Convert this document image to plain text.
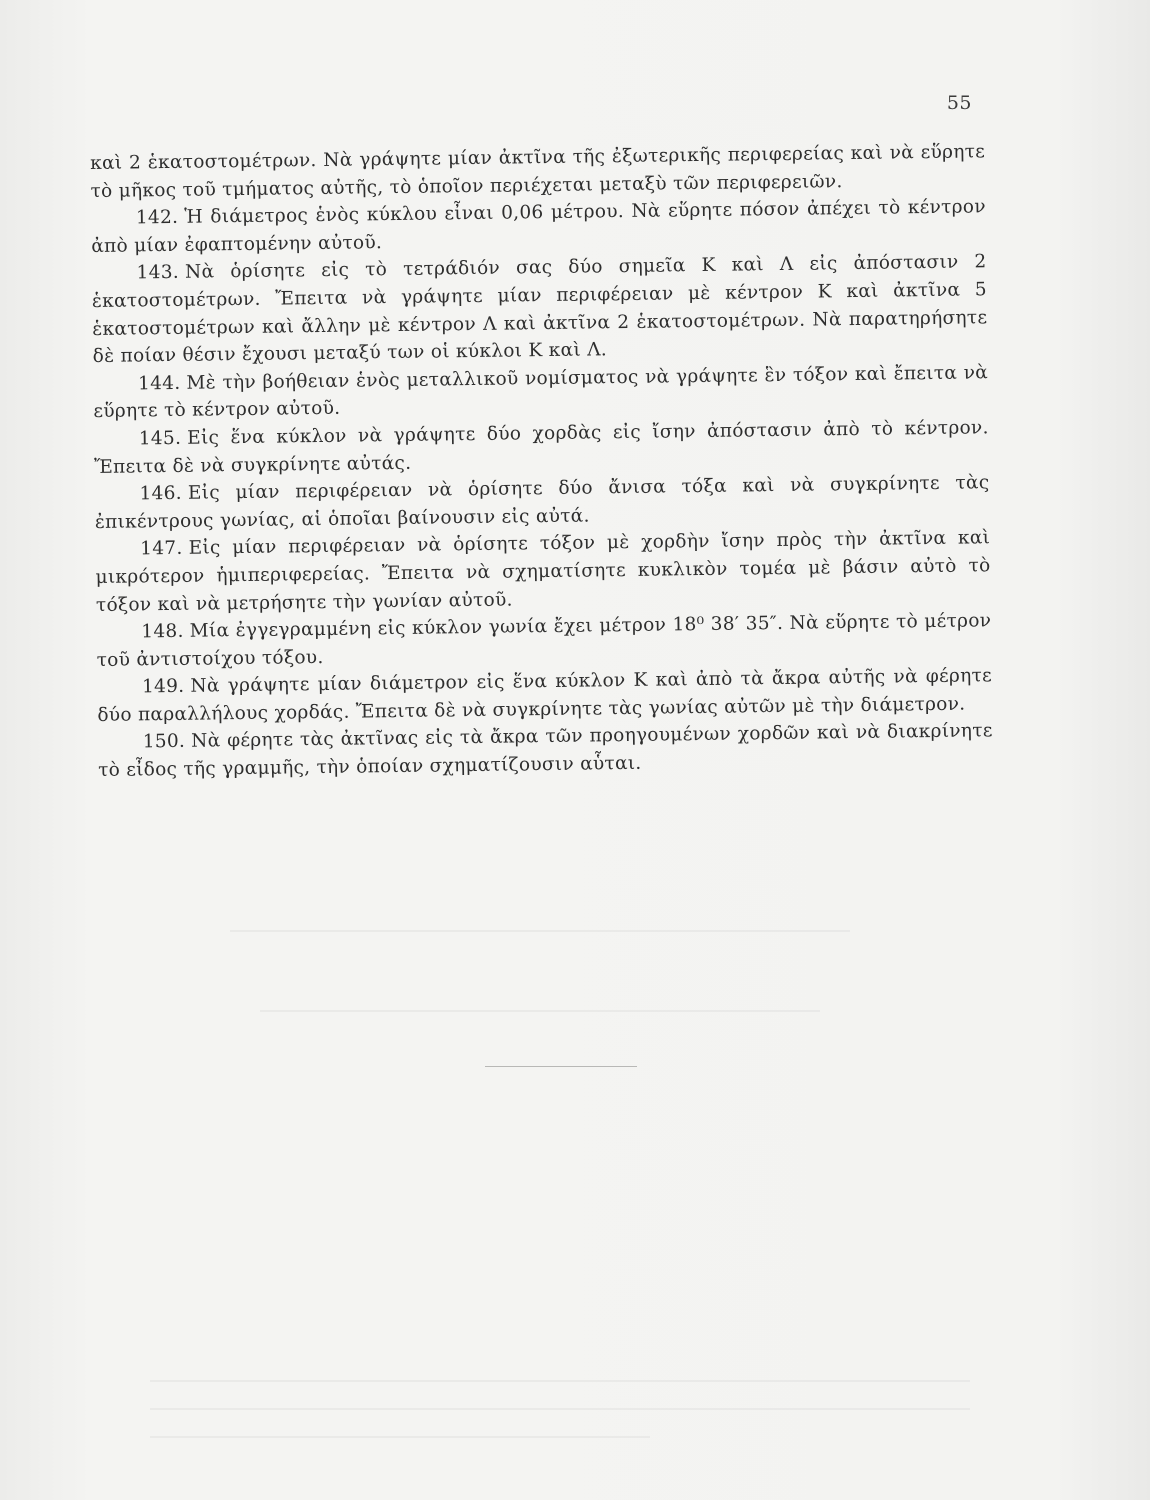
55

καὶ 2 ἑκατοστομέτρων. Νὰ γράψητε μίαν ἀκτῖνα τῆς ἐξωτερικῆς περιφερείας καὶ νὰ εὕρητε τὸ μῆκος τοῦ τμήματος αὐτῆς, τὸ ὁποῖον περιέχεται μεταξὺ τῶν περιφερειῶν.

142. Ἡ διάμετρος ἑνὸς κύκλου εἶναι 0,06 μέτρου. Νὰ εὕρητε πόσον ἀπέχει τὸ κέντρον ἀπὸ μίαν ἐφαπτομένην αὐτοῦ.

143. Νὰ ὁρίσητε εἰς τὸ τετράδιόν σας δύο σημεῖα Κ καὶ Λ εἰς ἀπόστασιν 2 ἑκατοστομέτρων. Ἔπειτα νὰ γράψητε μίαν περιφέρειαν μὲ κέντρον Κ καὶ ἀκτῖνα 5 ἑκατοστομέτρων καὶ ἄλλην μὲ κέντρον Λ καὶ ἀκτῖνα 2 ἑκατοστομέτρων. Νὰ παρατηρήσητε δὲ ποίαν θέσιν ἔχουσι μεταξύ των οἱ κύκλοι Κ καὶ Λ.

144. Μὲ τὴν βοήθειαν ἑνὸς μεταλλικοῦ νομίσματος νὰ γράψητε ἓν τόξον καὶ ἔπειτα νὰ εὕρητε τὸ κέντρον αὐτοῦ.

145. Εἰς ἕνα κύκλον νὰ γράψητε δύο χορδὰς εἰς ἴσην ἀπόστασιν ἀπὸ τὸ κέντρον. Ἔπειτα δὲ νὰ συγκρίνητε αὐτάς.

146. Εἰς μίαν περιφέρειαν νὰ ὁρίσητε δύο ἄνισα τόξα καὶ νὰ συγκρίνητε τὰς ἐπικέντρους γωνίας, αἱ ὁποῖαι βαίνουσιν εἰς αὐτά.

147. Εἰς μίαν περιφέρειαν νὰ ὁρίσητε τόξον μὲ χορδὴν ἴσην πρὸς τὴν ἀκτῖνα καὶ μικρότερον ἡμιπεριφερείας. Ἔπειτα νὰ σχηματίσητε κυκλικὸν τομέα μὲ βάσιν αὐτὸ τὸ τόξον καὶ νὰ μετρήσητε τὴν γωνίαν αὐτοῦ.

148. Μία ἐγγεγραμμένη εἰς κύκλον γωνία ἔχει μέτρον 18⁰ 38′ 35″. Νὰ εὕρητε τὸ μέτρον τοῦ ἀντιστοίχου τόξου.

149. Νὰ γράψητε μίαν διάμετρον εἰς ἕνα κύκλον Κ καὶ ἀπὸ τὰ ἄκρα αὐτῆς νὰ φέρητε δύο παραλλήλους χορδάς. Ἔπειτα δὲ νὰ συγκρίνητε τὰς γωνίας αὐτῶν μὲ τὴν διάμετρον.

150. Νὰ φέρητε τὰς ἀκτῖνας εἰς τὰ ἄκρα τῶν προηγουμένων χορδῶν καὶ νὰ διακρίνητε τὸ εἶδος τῆς γραμμῆς, τὴν ὁποίαν σχηματίζουσιν αὗται.
